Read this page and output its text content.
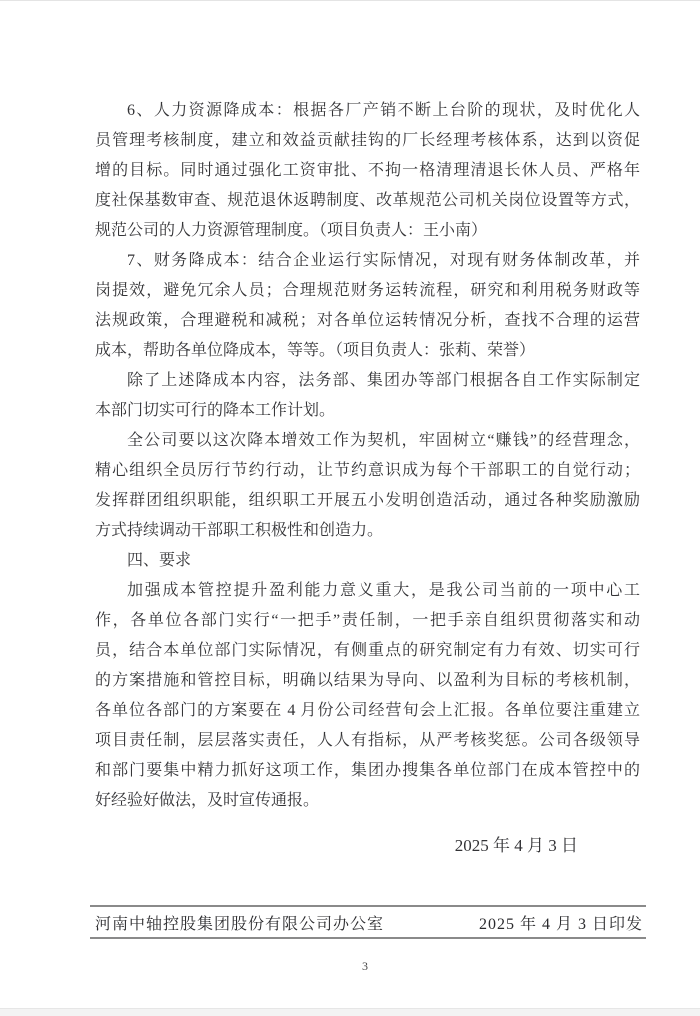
6、人力资源降成本：根据各厂产销不断上台阶的现状，及时优化人
员管理考核制度，建立和效益贡献挂钩的厂长经理考核体系，达到以资促
增的目标。同时通过强化工资审批、不拘一格清理清退长休人员、严格年
度社保基数审查、规范退休返聘制度、改革规范公司机关岗位设置等方式，
规范公司的人力资源管理制度。（项目负责人：王小南）
7、财务降成本：结合企业运行实际情况，对现有财务体制改革，并
岗提效，避免冗余人员；合理规范财务运转流程，研究和利用税务财政等
法规政策，合理避税和减税；对各单位运转情况分析，查找不合理的运营
成本，帮助各单位降成本，等等。（项目负责人：张莉、荣誉）
除了上述降成本内容，法务部、集团办等部门根据各自工作实际制定
本部门切实可行的降本工作计划。
全公司要以这次降本增效工作为契机，牢固树立“赚钱”的经营理念，
精心组织全员厉行节约行动，让节约意识成为每个干部职工的自觉行动；
发挥群团组织职能，组织职工开展五小发明创造活动，通过各种奖励激励
方式持续调动干部职工积极性和创造力。
四、要求
加强成本管控提升盈利能力意义重大，是我公司当前的一项中心工
作，各单位各部门实行“一把手”责任制，一把手亲自组织贯彻落实和动
员，结合本单位部门实际情况，有侧重点的研究制定有力有效、切实可行
的方案措施和管控目标，明确以结果为导向、以盈利为目标的考核机制，
各单位各部门的方案要在 4 月份公司经营旬会上汇报。各单位要注重建立
项目责任制，层层落实责任，人人有指标，从严考核奖惩。公司各级领导
和部门要集中精力抓好这项工作，集团办搜集各单位部门在成本管控中的
好经验好做法，及时宣传通报。
2025 年 4 月 3 日
河南中轴控股集团股份有限公司办公室	2025 年 4 月 3 日印发
3
